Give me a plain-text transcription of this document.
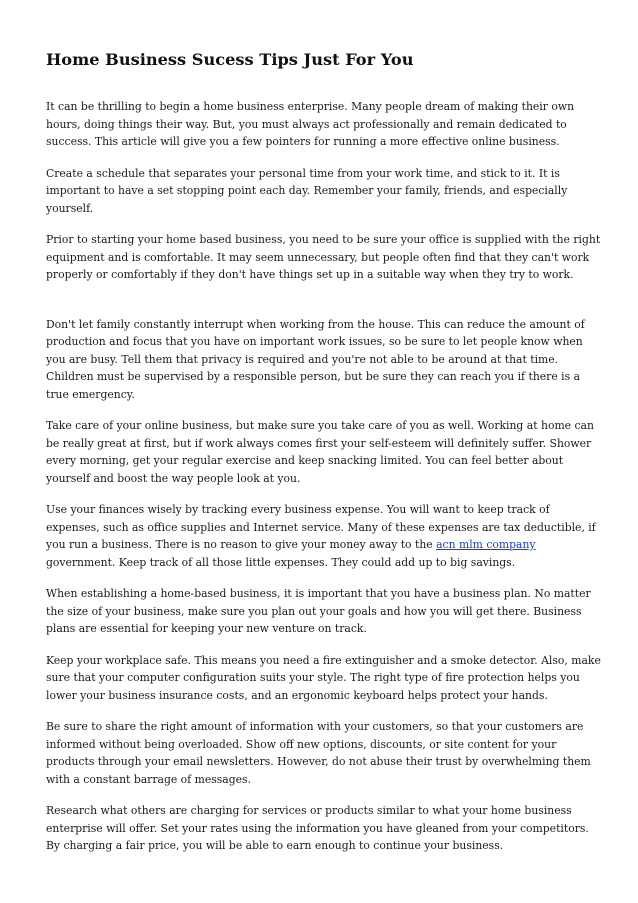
Home Business Sucess Tips Just For You

It can be thrilling to begin a home business enterprise. Many people dream of making their own hours, doing things their way. But, you must always act professionally and remain dedicated to success. This article will give you a few pointers for running a more effective online business.

Create a schedule that separates your personal time from your work time, and stick to it. It is important to have a set stopping point each day. Remember your family, friends, and especially yourself.

Prior to starting your home based business, you need to be sure your office is supplied with the right equipment and is comfortable. It may seem unnecessary, but people often find that they can't work properly or comfortably if they don't have things set up in a suitable way when they try to work.

Don't let family constantly interrupt when working from the house. This can reduce the amount of production and focus that you have on important work issues, so be sure to let people know when you are busy. Tell them that privacy is required and you're not able to be around at that time. Children must be supervised by a responsible person, but be sure they can reach you if there is a true emergency.

Take care of your online business, but make sure you take care of you as well. Working at home can be really great at first, but if work always comes first your self-esteem will definitely suffer. Shower every morning, get your regular exercise and keep snacking limited. You can feel better about yourself and boost the way people look at you.

Use your finances wisely by tracking every business expense. You will want to keep track of expenses, such as office supplies and Internet service. Many of these expenses are tax deductible, if you run a business. There is no reason to give your money away to the acn mlm company government. Keep track of all those little expenses. They could add up to big savings.

When establishing a home-based business, it is important that you have a business plan. No matter the size of your business, make sure you plan out your goals and how you will get there. Business plans are essential for keeping your new venture on track.

Keep your workplace safe. This means you need a fire extinguisher and a smoke detector. Also, make sure that your computer configuration suits your style. The right type of fire protection helps you lower your business insurance costs, and an ergonomic keyboard helps protect your hands.

Be sure to share the right amount of information with your customers, so that your customers are informed without being overloaded. Show off new options, discounts, or site content for your products through your email newsletters. However, do not abuse their trust by overwhelming them with a constant barrage of messages.

Research what others are charging for services or products similar to what your home business enterprise will offer. Set your rates using the information you have gleaned from your competitors. By charging a fair price, you will be able to earn enough to continue your business.
